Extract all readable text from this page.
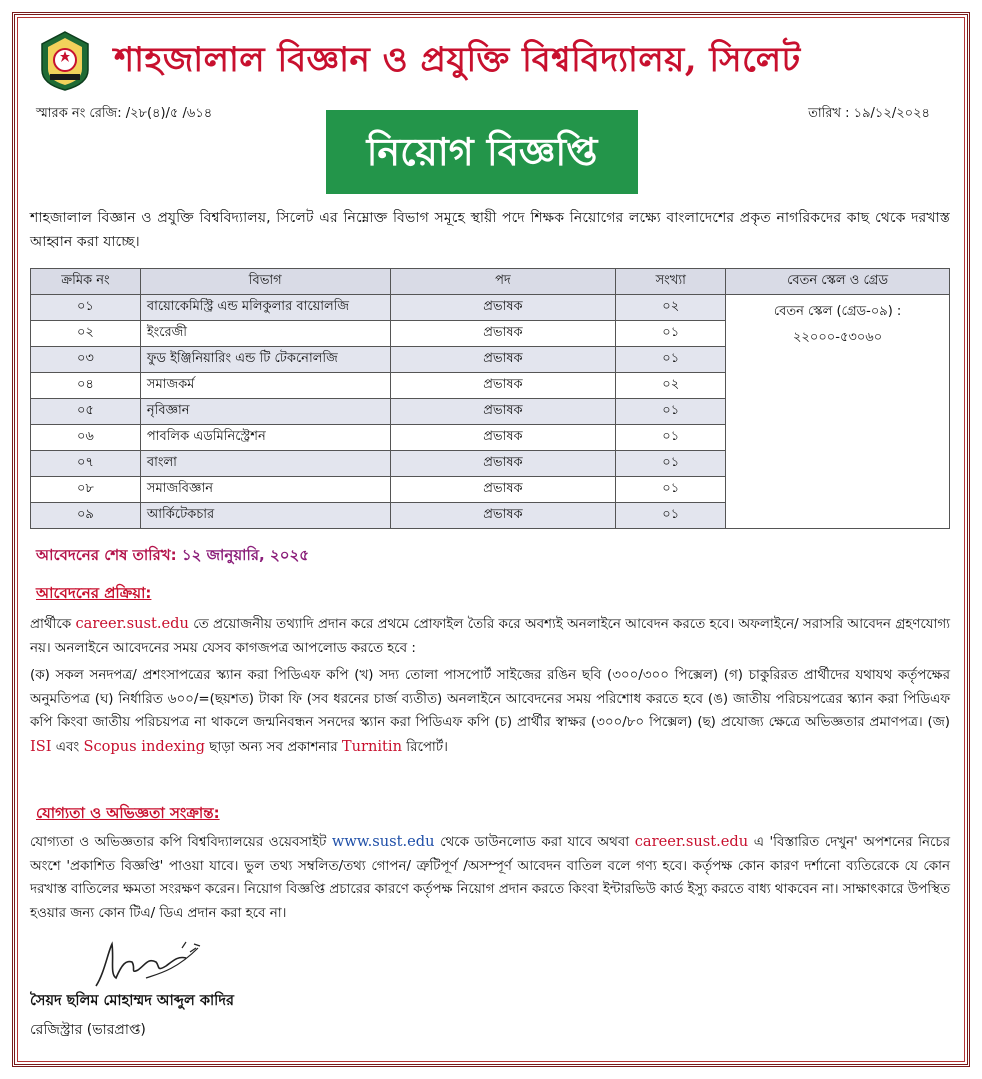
শাহজালাল বিজ্ঞান ও প্রযুক্তি বিশ্ববিদ্যালয়, সিলেট
স্মারক নং রেজি: /২৮(৪)/৫ /৬১৪	তারিখ : ১৯/১২/২০২৪
নিয়োগ বিজ্ঞপ্তি
শাহজালাল বিজ্ঞান ও প্রযুক্তি বিশ্ববিদ্যালয়, সিলেট এর নিম্নোক্ত বিভাগ সমূহে স্থায়ী পদে শিক্ষক নিয়োগের লক্ষ্যে বাংলাদেশের প্রকৃত নাগরিকদের কাছ থেকে দরখাস্ত আহ্বান করা যাচ্ছে।
ক্রমিক নং	বিভাগ	পদ	সংখ্যা	বেতন স্কেল ও গ্রেড
০১	বায়োকেমিস্ট্রি এন্ড মলিকুলার বায়োলজি	প্রভাষক	০২	বেতন স্কেল (গ্রেড-০৯) :
২২০০০-৫৩০৬০

০২	ইংরেজী	প্রভাষক	০১	
০৩	ফুড ইঞ্জিনিয়ারিং এন্ড টি টেকনোলজি	প্রভাষক	০১	
০৪	সমাজকর্ম	প্রভাষক	০২	
০৫	নৃবিজ্ঞান	প্রভাষক	০১	
০৬	পাবলিক এডমিনিস্ট্রেশন	প্রভাষক	০১	
০৭	বাংলা	প্রভাষক	০১	
০৮	সমাজবিজ্ঞান	প্রভাষক	০১	
০৯	আর্কিটেকচার	প্রভাষক	০১	
আবেদনের শেষ তারিখ: ১২ জানুয়ারি, ২০২৫
আবেদনের প্রক্রিয়া:
প্রার্থীকে career.sust.edu তে প্রয়োজনীয় তথ্যাদি প্রদান করে প্রথমে প্রোফাইল তৈরি করে অবশ্যই অনলাইনে আবেদন করতে হবে। অফলাইনে/ সরাসরি আবেদন গ্রহণযোগ্য নয়। অনলাইনে আবেদনের সময় যেসব কাগজপত্র আপলোড করতে হবে :
(ক) সকল সনদপত্র/ প্রশংসাপত্রের স্ক্যান করা পিডিএফ কপি (খ) সদ্য তোলা পাসপোর্ট সাইজের রঙিন ছবি (৩০০/৩০০ পিক্সেল) (গ) চাকুরিরত প্রার্থীদের যথাযথ কর্তৃপক্ষের অনুমতিপত্র (ঘ) নির্ধারিত ৬০০/=(ছয়শত) টাকা ফি (সব ধরনের চার্জ ব্যতীত) অনলাইনে আবেদনের সময় পরিশোধ করতে হবে (ঙ) জাতীয় পরিচয়পত্রের স্ক্যান করা পিডিএফ কপি কিংবা জাতীয় পরিচয়পত্র না থাকলে জন্মনিবন্ধন সনদের স্ক্যান করা পিডিএফ কপি (চ) প্রার্থীর স্বাক্ষর (৩০০/৮০ পিক্সেল) (ছ) প্রযোজ্য ক্ষেত্রে অভিজ্ঞতার প্রমাণপত্র। (জ) ISI এবং Scopus indexing ছাড়া অন্য সব প্রকাশনার Turnitin রিপোর্ট।
যোগ্যতা ও অভিজ্ঞতা সংক্রান্ত:
যোগ্যতা ও অভিজ্ঞতার কপি বিশ্ববিদ্যালয়ের ওয়েবসাইট www.sust.edu থেকে ডাউনলোড করা যাবে অথবা career.sust.edu এ 'বিস্তারিত দেখুন' অপশনের নিচের অংশে 'প্রকাশিত বিজ্ঞপ্তি' পাওয়া যাবে। ভুল তথ্য সম্বলিত/তথ্য গোপন/ ত্রুটিপূর্ণ /অসম্পূর্ণ আবেদন বাতিল বলে গণ্য হবে। কর্তৃপক্ষ কোন কারণ দর্শানো ব্যতিরেকে যে কোন দরখাস্ত বাতিলের ক্ষমতা সংরক্ষণ করেন। নিয়োগ বিজ্ঞপ্তি প্রচারের কারণে কর্তৃপক্ষ নিয়োগ প্রদান করতে কিংবা ইন্টারভিউ কার্ড ইস্যু করতে বাধ্য থাকবেন না। সাক্ষাৎকারে উপস্থিত হওয়ার জন্য কোন টিএ/ ডিএ প্রদান করা হবে না।
সৈয়দ ছলিম মোহাম্মদ আব্দুল কাদির
রেজিস্ট্রার (ভারপ্রাপ্ত)
